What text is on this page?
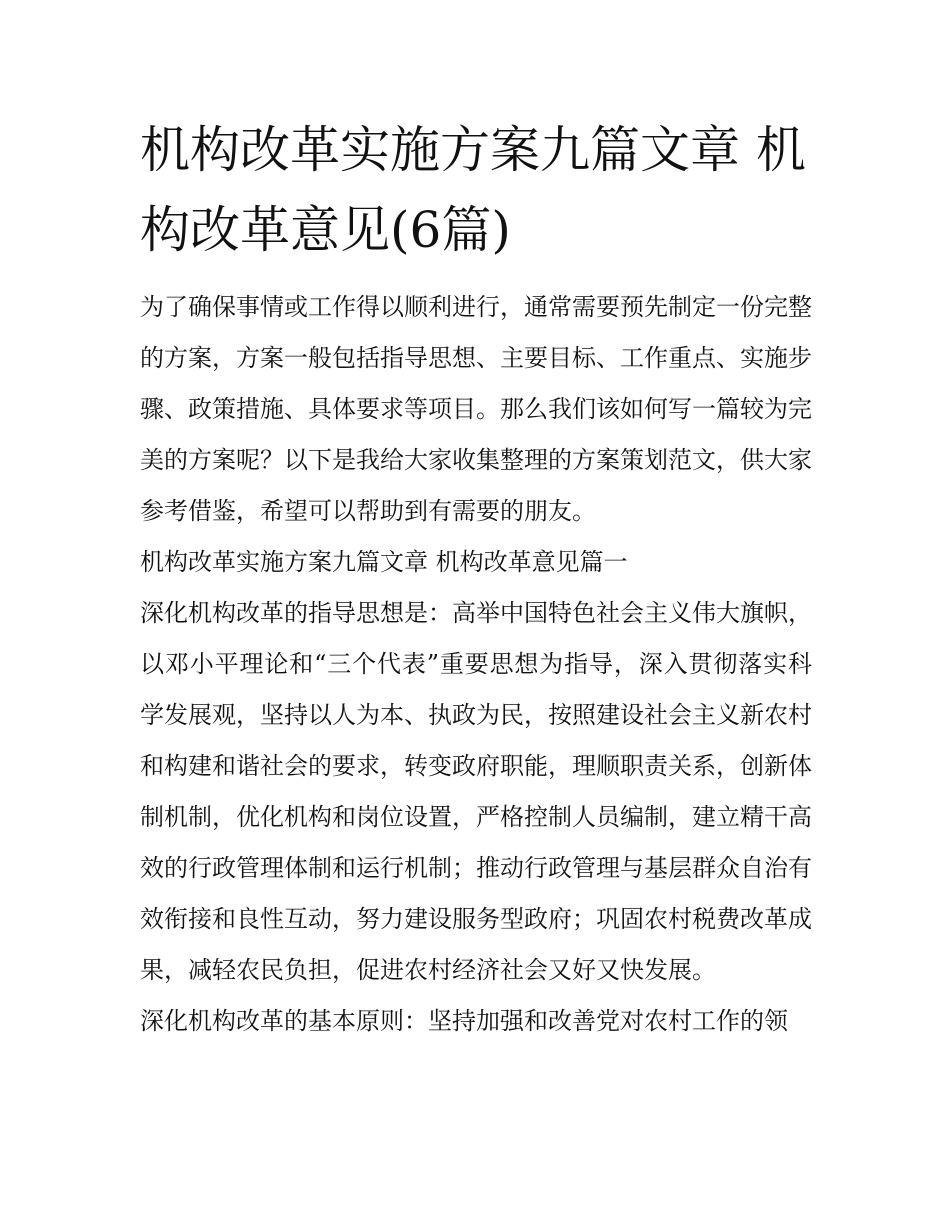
机构改革实施方案九篇文章 机构改革意见(6篇)

为了确保事情或工作得以顺利进行，通常需要预先制定一份完整的方案，方案一般包括指导思想、主要目标、工作重点、实施步骤、政策措施、具体要求等项目。那么我们该如何写一篇较为完美的方案呢？以下是我给大家收集整理的方案策划范文，供大家参考借鉴，希望可以帮助到有需要的朋友。

机构改革实施方案九篇文章 机构改革意见篇一

深化机构改革的指导思想是：高举中国特色社会主义伟大旗帜，以邓小平理论和“三个代表”重要思想为指导，深入贯彻落实科学发展观，坚持以人为本、执政为民，按照建设社会主义新农村和构建和谐社会的要求，转变政府职能，理顺职责关系，创新体制机制，优化机构和岗位设置，严格控制人员编制，建立精干高效的行政管理体制和运行机制；推动行政管理与基层群众自治有效衔接和良性互动，努力建设服务型政府；巩固农村税费改革成果，减轻农民负担，促进农村经济社会又好又快发展。

深化机构改革的基本原则：坚持加强和改善党对农村工作的领
